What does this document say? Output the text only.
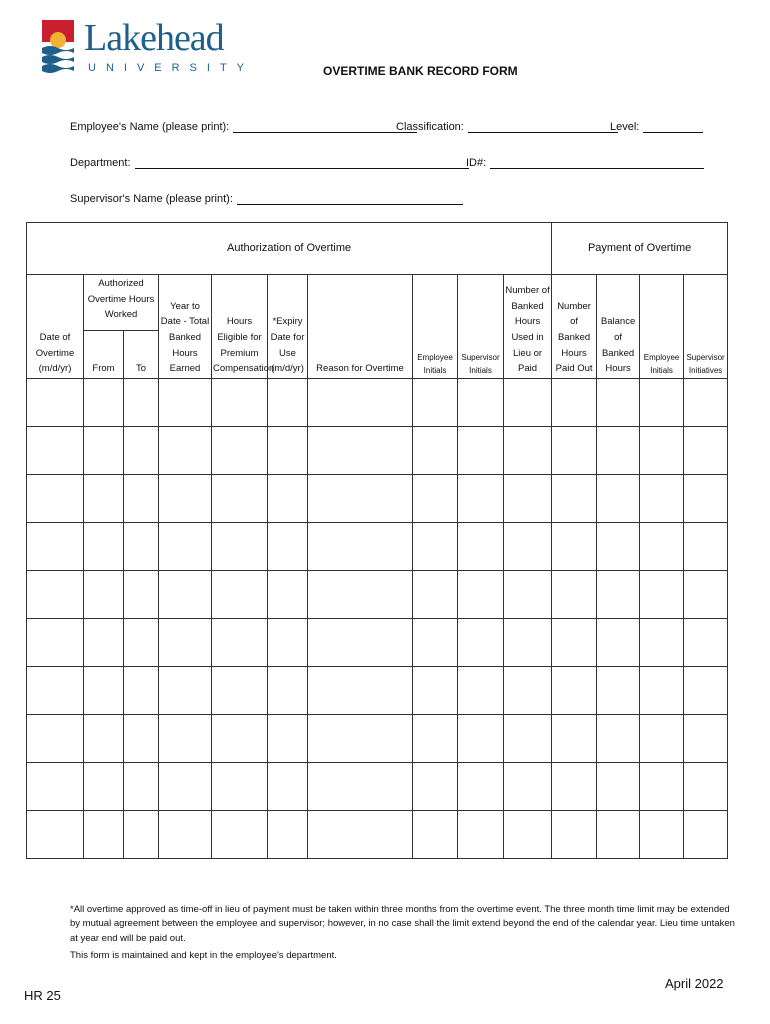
Lakehead
UNIVERSITY	OVERTIME BANK RECORD FORM
Employee's Name (please print):	Classification:	Level:
Department:	ID#:
Supervisor's Name (please print):
Authorization of Overtime										Payment of Overtime			
Date of Overtime (m/d/yr)	Authorized Overtime Hours Worked		Year to Date - Total Banked Hours Earned	Hours Eligible for Premium Compensation	*Expiry Date for Use (m/d/yr)	Reason for Overtime	Employee Initials	Supervisor Initials	Number of Banked Hours Used in Lieu or Paid	Number of Banked Hours Paid Out	Balance of Banked Hours	Employee Initials	Supervisor Initiatives
	From	To											

*All overtime approved as time-off in lieu of payment must be taken within three months from the overtime event. The three month time limit may be extended by mutual agreement between the employee and supervisor; however, in no case shall the limit extend beyond the end of the calendar year. Lieu time untaken at year end will be paid out.
This form is maintained and kept in the employee's department.
April 2022
HR 25
